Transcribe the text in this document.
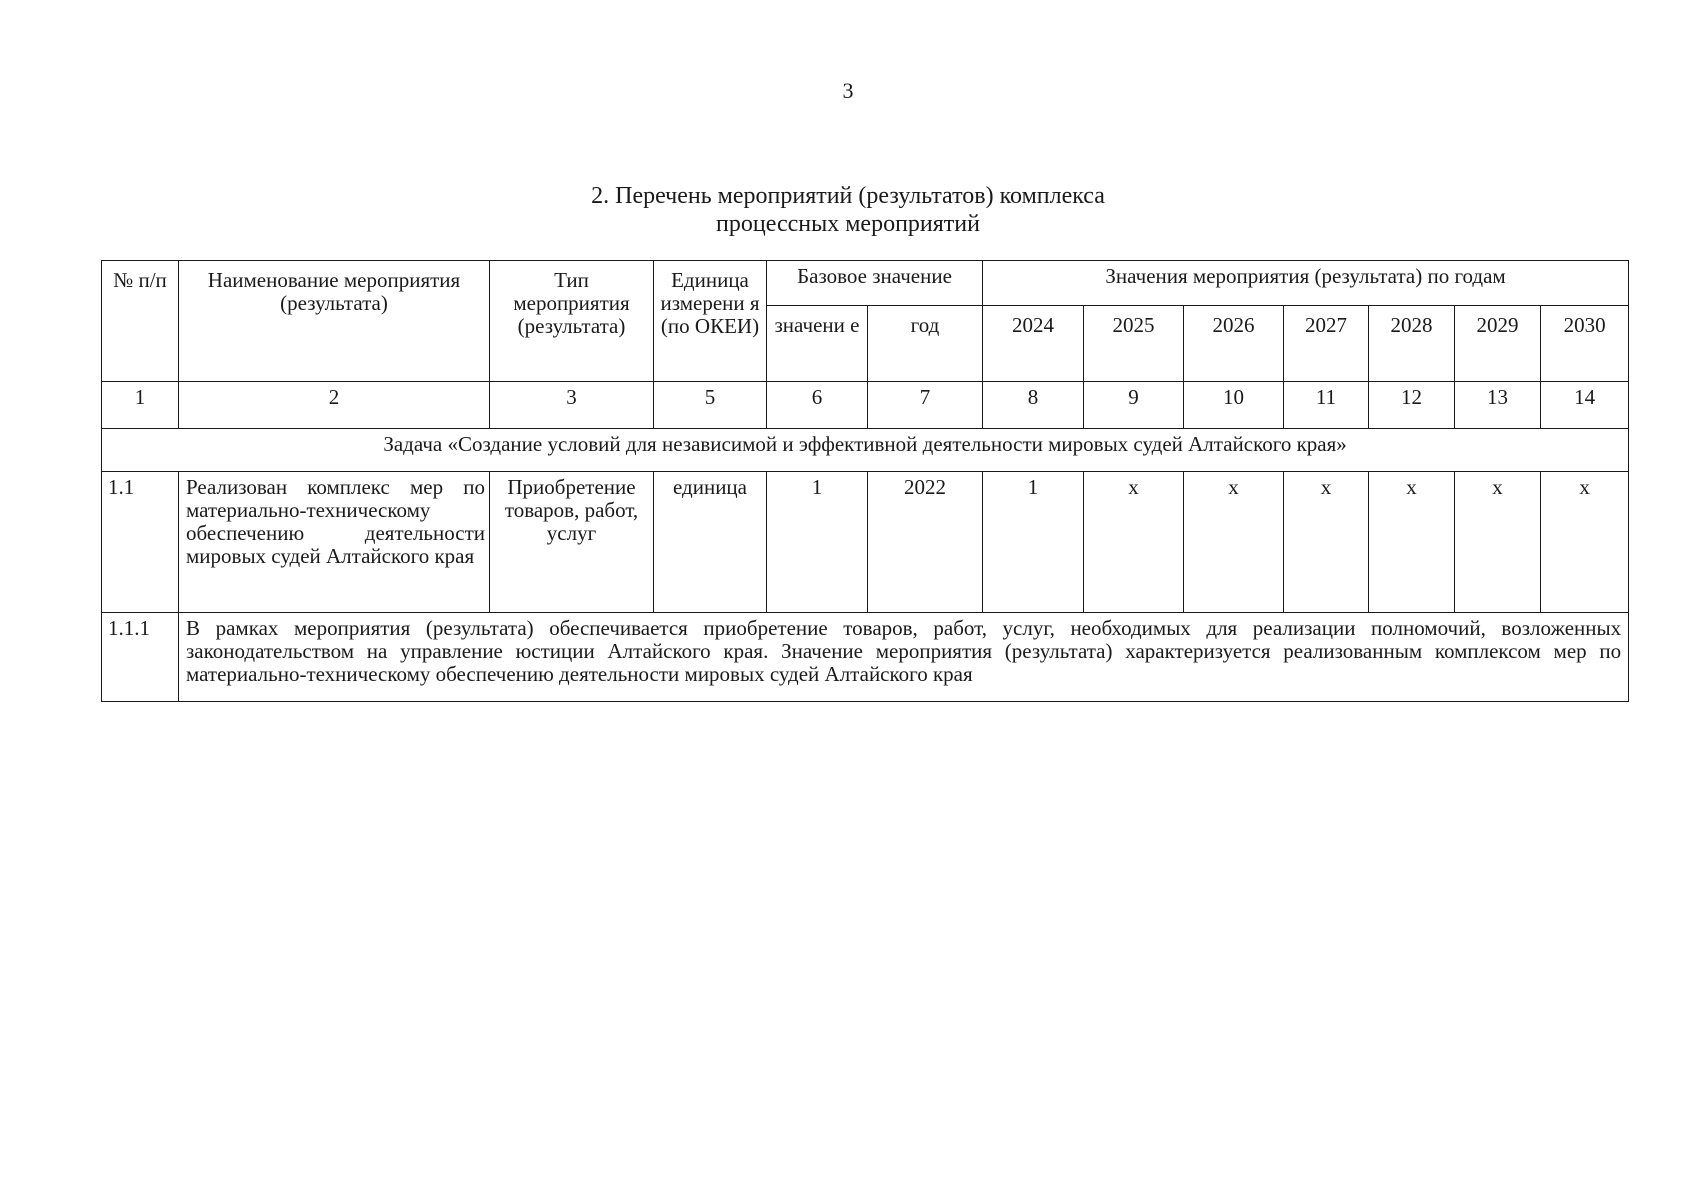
3
2. Перечень мероприятий (результатов) комплекса
процессных мероприятий
№ п/п	Наименование мероприятия (результата)	Тип мероприятия (результата)	Единица измерени я (по ОКЕИ)	Базовое значение		Значения мероприятия (результата) по годам						
				значени е	год	2024	2025	2026	2027	2028	2029	2030
1	2	3	5	6	7	8	9	10	11	12	13	14
Задача «Создание условий для независимой и эффективной деятельности мировых судей Алтайского края»												
1.1	Реализован комплекс мер по материально-техническому обеспечению деятельности мировых судей Алтайского края	Приобретение товаров, работ, услуг	единица	1	2022	1	x	x	x	x	x	x
1.1.1	В рамках мероприятия (результата) обеспечивается приобретение товаров, работ, услуг, необходимых для реализации полномочий, возложенных законодательством на управление юстиции Алтайского края. Значение мероприятия (результата) характеризуется реализованным комплексом мер по материально-техническому обеспечению деятельности мировых судей Алтайского края											
